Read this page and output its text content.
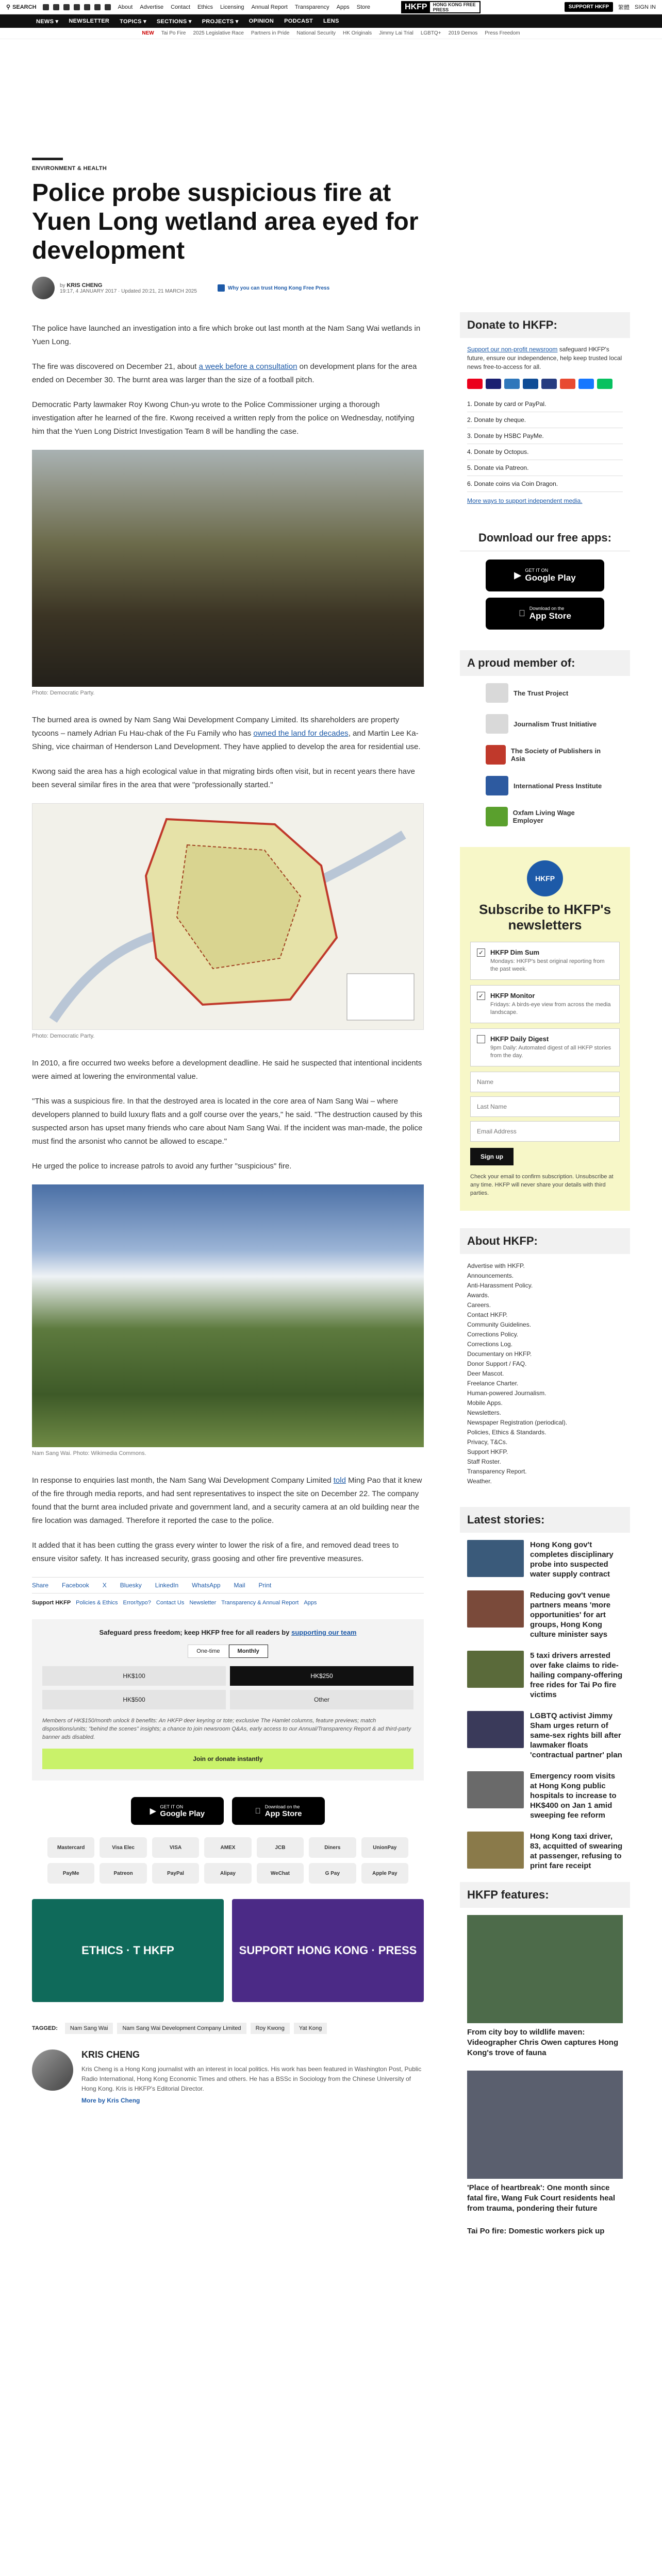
⚲ SEARCH	About Advertise Contact Ethics Licensing Annual Report Transparency Apps Store	HKFP	HONG KONG FREE PRESS	SUPPORT HKFP	繁體 SIGN IN
NEWS ▾ NEWSLETTER TOPICS ▾ SECTIONS ▾ PROJECTS ▾ OPINION PODCAST LENS
NEW Tai Po Fire 2025 Legislative Race Partners in Pride National Security HK Originals Jimmy Lai Trial LGBTQ+ 2019 Demos Press Freedom
ENVIRONMENT & HEALTH
Police probe suspicious fire at Yuen Long wetland area eyed for development
by KRIS CHENG
19:17, 4 JANUARY 2017 · Updated 20:21, 21 MARCH 2025
Why you can trust Hong Kong Free Press

The police have launched an investigation into a fire which broke out last month at the Nam Sang Wai wetlands in Yuen Long.

The fire was discovered on December 21, about a week before a consultation on development plans for the area ended on December 30. The burnt area was larger than the size of a football pitch.

Democratic Party lawmaker Roy Kwong Chun-yu wrote to the Police Commissioner urging a thorough investigation after he learned of the fire. Kwong received a written reply from the police on Wednesday, notifying him that the Yuen Long District Investigation Team 8 will be handling the case.

Photo: Democratic Party.

The burned area is owned by Nam Sang Wai Development Company Limited. Its shareholders are property tycoons – namely Adrian Fu Hau-chak of the Fu Family who has owned the land for decades, and Martin Lee Ka-Shing, vice chairman of Henderson Land Development. They have applied to develop the area for residential use.

Kwong said the area has a high ecological value in that migrating birds often visit, but in recent years there have been several similar fires in the area that were "professionally started."

Photo: Democratic Party.

In 2010, a fire occurred two weeks before a development deadline. He said he suspected that intentional incidents were aimed at lowering the environmental value.

"This was a suspicious fire. In that the destroyed area is located in the core area of Nam Sang Wai – where developers planned to build luxury flats and a golf course over the years," he said. "The destruction caused by this suspected arson has upset many friends who care about Nam Sang Wai. If the incident was man-made, the police must find the arsonist who cannot be allowed to escape."

He urged the police to increase patrols to avoid any further "suspicious" fire.

Nam Sang Wai. Photo: Wikimedia Commons.

In response to enquiries last month, the Nam Sang Wai Development Company Limited told Ming Pao that it knew of the fire through media reports, and had sent representatives to inspect the site on December 22. The company found that the burnt area included private and government land, and a security camera at an old building near the fire location was damaged. Therefore it reported the case to the police.

It added that it has been cutting the grass every winter to lower the risk of a fire, and removed dead trees to ensure visitor safety. It has increased security, grass goosing and other fire preventive measures.

Share Facebook X Bluesky LinkedIn WhatsApp Mail Print
Support HKFP Policies & Ethics Error/typo? Contact Us Newsletter Transparency & Annual Report Apps
Safeguard press freedom; keep HKFP free for all readers by supporting our team
One-time	Monthly
HK$100	HK$250
HK$500	Other
Members of HK$150/month unlock 8 benefits: An HKFP deer keyring or tote; exclusive The Hamlet columns, feature previews; match dispositions/units; "behind the scenes" insights; a chance to join newsroom Q&As, early access to our Annual/Transparency Report & ad third-party banner ads disabled.
Join or donate instantly
▶
GET IT ON
Google Play
Download on the
App Store
Mastercard	Visa Elec	VISA	AMEX	JCB	Diners	UnionPay
PayMe	Patreon	PayPal	Alipay	WeChat	G Pay	Apple Pay
ETHICS · T HKFP	SUPPORT HONG KONG · PRESS
TAGGED:	Nam Sang Wai	Nam Sang Wai Development Company Limited	Roy Kwong	Yat Kong
KRIS CHENG
Kris Cheng is a Hong Kong journalist with an interest in local politics. His work has been featured in Washington Post, Public Radio International, Hong Kong Economic Times and others. He has a BSSc in Sociology from the Chinese University of Hong Kong. Kris is HKFP's Editorial Director.
More by Kris Cheng
Donate to HKFP:
Support our non-profit newsroom safeguard HKFP's future, ensure our independence, help keep trusted local news free-to-access for all.
1. Donate by card or PayPal.
2. Donate by cheque.
3. Donate by HSBC PayMe.
4. Donate by Octopus.
5. Donate via Patreon.
6. Donate coins via Coin Dragon.
More ways to support independent media.
Download our free apps:
▶ GET IT ON
Google Play
Download on the
App Store
A proud member of:
The Trust Project
Journalism Trust Initiative
The Society of Publishers in Asia
International Press Institute
Oxfam Living Wage Employer
HKFP
Subscribe to HKFP's newsletters
✓ HKFP Dim Sum
Mondays: HKFP's best original reporting from the past week.
✓ HKFP Monitor
Fridays: A birds-eye view from across the media landscape.
HKFP Daily Digest
9pm Daily: Automated digest of all HKFP stories from the day.
Name
Last Name
Email Address Sign up
Check your email to confirm subscription. Unsubscribe at any time. HKFP will never share your details with third parties.
About HKFP:
Advertise with HKFP.
Announcements.
Anti-Harassment Policy.
Awards.
Careers.
Contact HKFP.
Community Guidelines.
Corrections Policy.
Corrections Log.
Documentary on HKFP.
Donor Support / FAQ.
Deer Mascot.
Freelance Charter.
Human-powered Journalism.
Mobile Apps.
Newsletters.
Newspaper Registration (periodical).
Policies, Ethics & Standards.
Privacy, T&Cs.
Support HKFP.
Staff Roster.
Transparency Report.
Weather.
Latest stories:
Hong Kong gov't completes disciplinary probe into suspected water supply contract
Reducing gov't venue partners means 'more opportunities' for art groups, Hong Kong culture minister says
5 taxi drivers arrested over fake claims to ride-hailing company-offering free rides for Tai Po fire victims
LGBTQ activist Jimmy Sham urges return of same-sex rights bill after lawmaker floats 'contractual partner' plan
Emergency room visits at Hong Kong public hospitals to increase to HK$400 on Jan 1 amid sweeping fee reform
Hong Kong taxi driver, 83, acquitted of swearing at passenger, refusing to print fare receipt
HKFP features:
From city boy to wildlife maven: Videographer Chris Owen captures Hong Kong's trove of fauna
'Place of heartbreak': One month since fatal fire, Wang Fuk Court residents heal from trauma, pondering their future
Tai Po fire: Domestic workers pick up
